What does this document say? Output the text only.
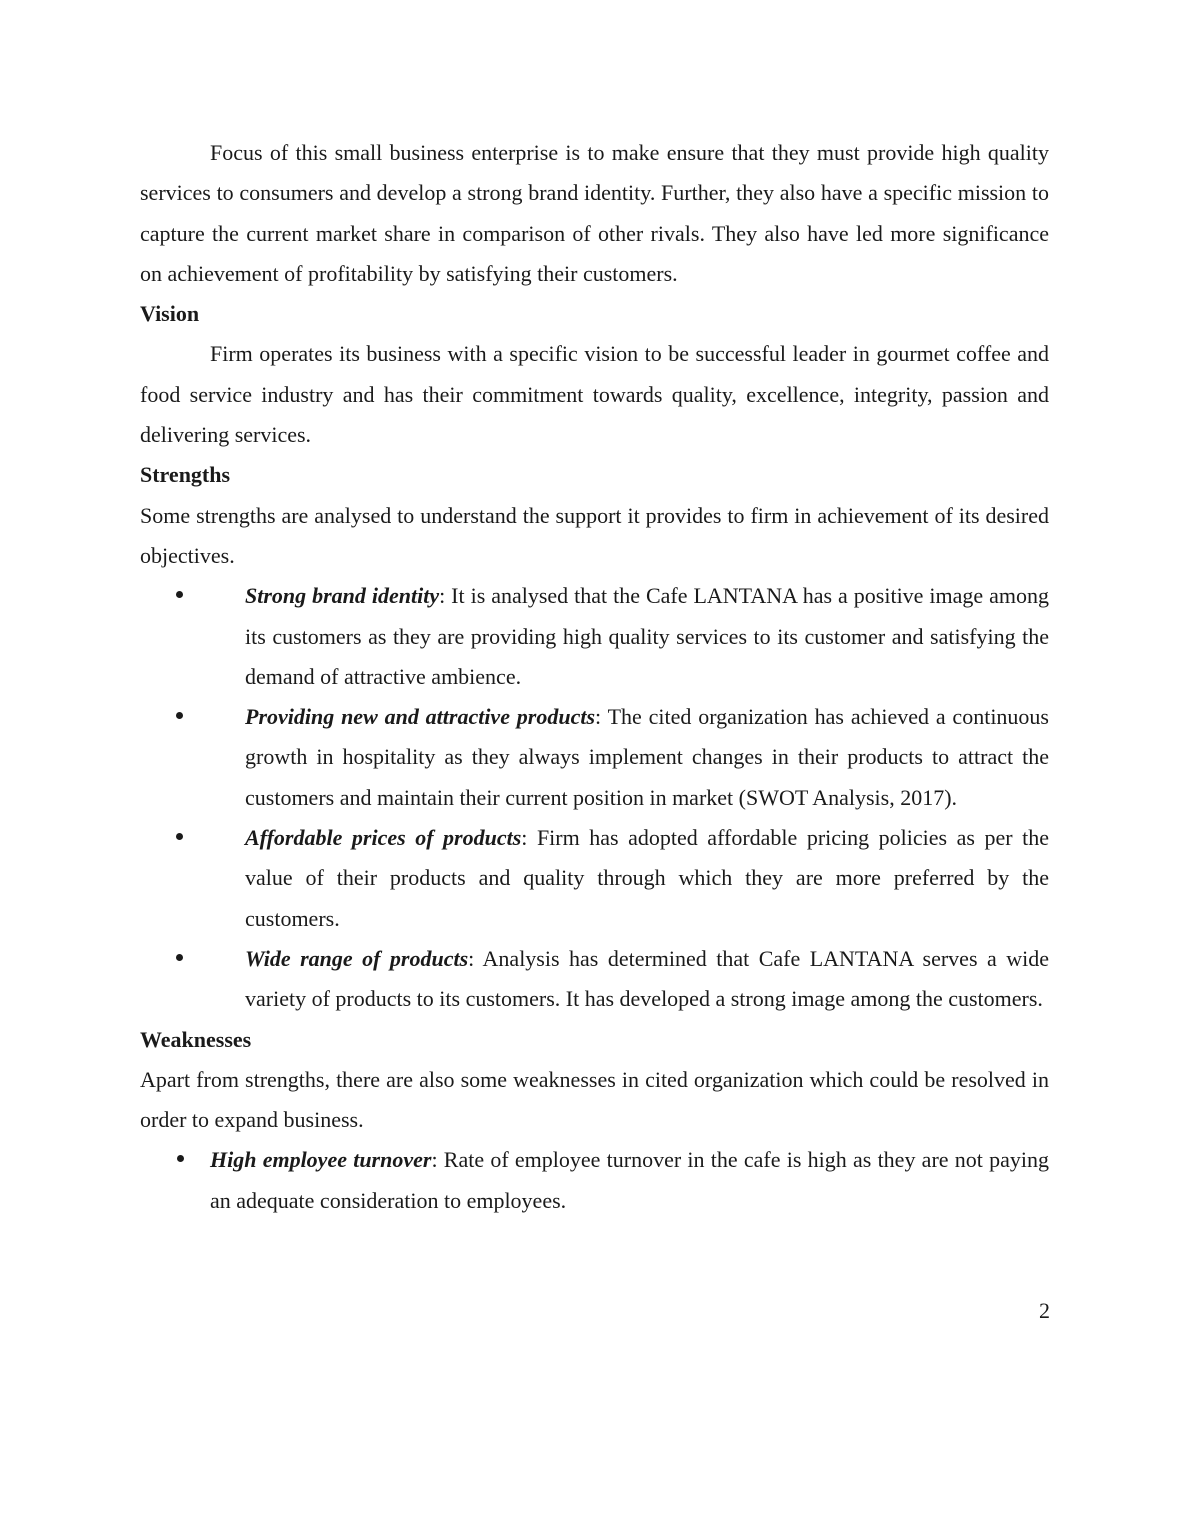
Focus of this small business enterprise is to make ensure that they must provide high quality services to consumers and develop a strong brand identity. Further, they also have a specific mission to capture the current market share in comparison of other rivals. They also have led more significance on achievement of profitability by satisfying their customers.

Vision

Firm operates its business with a specific vision to be successful leader in gourmet coffee and food service industry and has their commitment towards quality, excellence, integrity, passion and delivering services.

Strengths

Some strengths are analysed to understand the support it provides to firm in achievement of its desired objectives.

Strong brand identity: It is analysed that the Cafe LANTANA has a positive image among its customers as they are providing high quality services to its customer and satisfying the demand of attractive ambience.
Providing new and attractive products: The cited organization has achieved a continuous growth in hospitality as they always implement changes in their products to attract the customers and maintain their current position in market (SWOT Analysis, 2017).
Affordable prices of products: Firm has adopted affordable pricing policies as per the value of their products and quality through which they are more preferred by the customers.
Wide range of products: Analysis has determined that Cafe LANTANA serves a wide variety of products to its customers. It has developed a strong image among the customers.
Weaknesses

Apart from strengths, there are also some weaknesses in cited organization which could be resolved in order to expand business.

High employee turnover: Rate of employee turnover in the cafe is high as they are not paying an adequate consideration to employees.
2
